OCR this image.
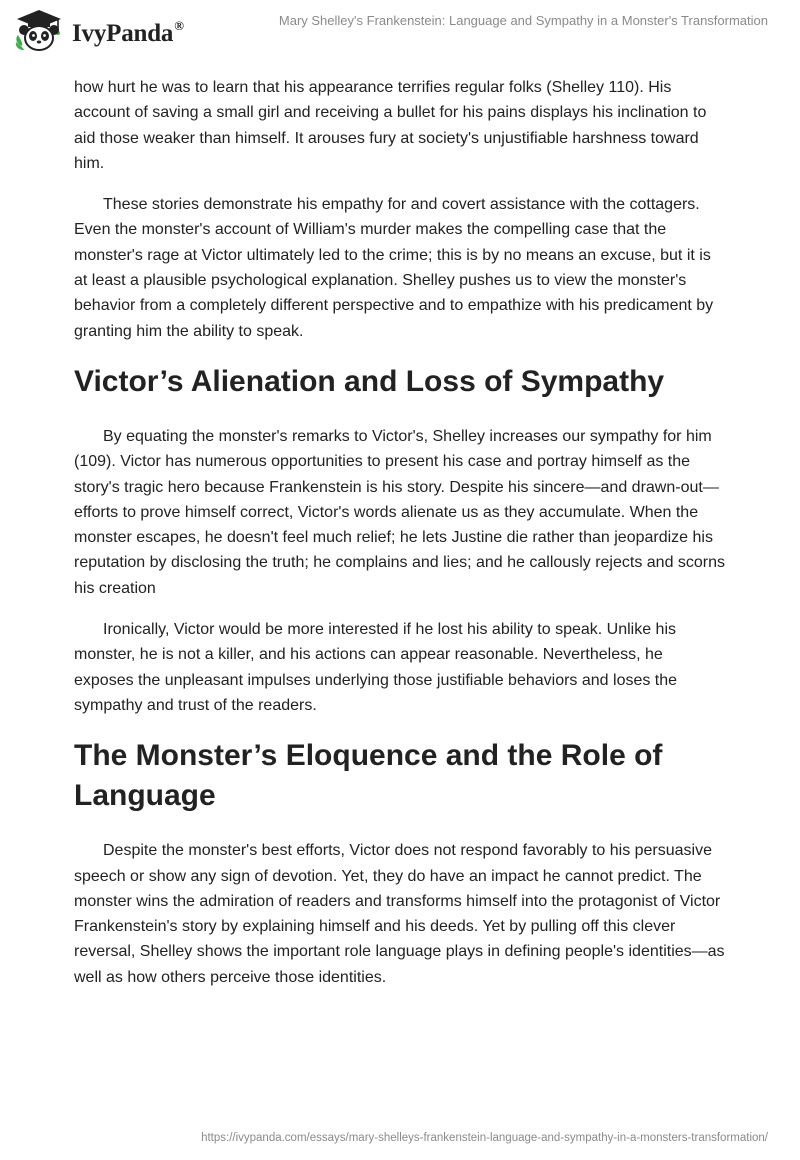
IvyPanda®	Mary Shelley's Frankenstein: Language and Sympathy in a Monster's Transformation

how hurt he was to learn that his appearance terrifies regular folks (Shelley 110). His account of saving a small girl and receiving a bullet for his pains displays his inclination to aid those weaker than himself. It arouses fury at society's unjustifiable harshness toward him.

These stories demonstrate his empathy for and covert assistance with the cottagers. Even the monster's account of William's murder makes the compelling case that the monster's rage at Victor ultimately led to the crime; this is by no means an excuse, but it is at least a plausible psychological explanation. Shelley pushes us to view the monster's behavior from a completely different perspective and to empathize with his predicament by granting him the ability to speak.

Victor’s Alienation and Loss of Sympathy

By equating the monster's remarks to Victor's, Shelley increases our sympathy for him (109). Victor has numerous opportunities to present his case and portray himself as the story's tragic hero because Frankenstein is his story. Despite his sincere—and drawn-out—efforts to prove himself correct, Victor's words alienate us as they accumulate. When the monster escapes, he doesn't feel much relief; he lets Justine die rather than jeopardize his reputation by disclosing the truth; he complains and lies; and he callously rejects and scorns his creation

Ironically, Victor would be more interested if he lost his ability to speak. Unlike his monster, he is not a killer, and his actions can appear reasonable. Nevertheless, he exposes the unpleasant impulses underlying those justifiable behaviors and loses the sympathy and trust of the readers.

The Monster’s Eloquence and the Role of Language

Despite the monster's best efforts, Victor does not respond favorably to his persuasive speech or show any sign of devotion. Yet, they do have an impact he cannot predict. The monster wins the admiration of readers and transforms himself into the protagonist of Victor Frankenstein's story by explaining himself and his deeds. Yet by pulling off this clever reversal, Shelley shows the important role language plays in defining people's identities—as well as how others perceive those identities.

https://ivypanda.com/essays/mary-shelleys-frankenstein-language-and-sympathy-in-a-monsters-transformation/
